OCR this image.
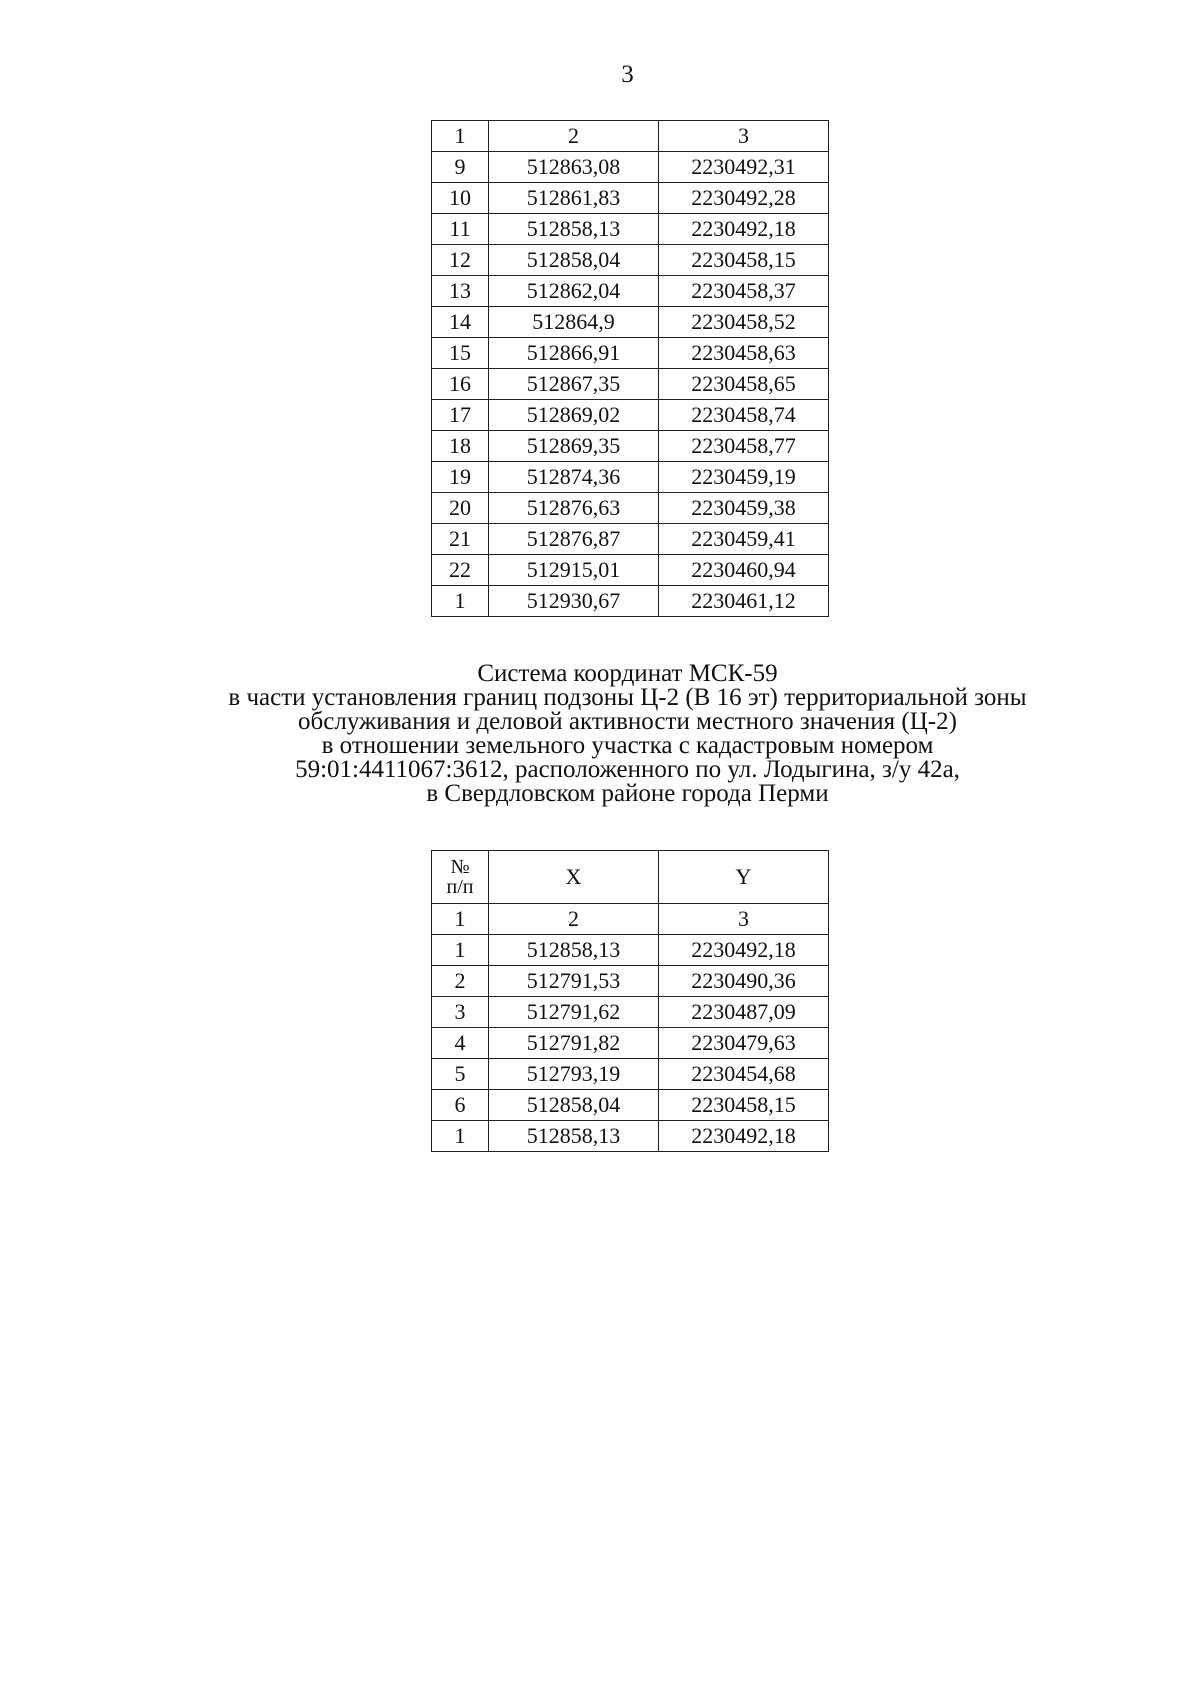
3
1	2	3
9	512863,08	2230492,31
10	512861,83	2230492,28
11	512858,13	2230492,18
12	512858,04	2230458,15
13	512862,04	2230458,37
14	512864,9	2230458,52
15	512866,91	2230458,63
16	512867,35	2230458,65
17	512869,02	2230458,74
18	512869,35	2230458,77
19	512874,36	2230459,19
20	512876,63	2230459,38
21	512876,87	2230459,41
22	512915,01	2230460,94
1	512930,67	2230461,12
Система координат МСК-59
в части установления границ подзоны Ц-2 (В 16 эт) территориальной зоны
обслуживания и деловой активности местного значения (Ц-2)
в отношении земельного участка с кадастровым номером
59:01:4411067:3612, расположенного по ул. Лодыгина, з/у 42а,
в Свердловском районе города Перми
№
п/п	X	Y
1	2	3
1	512858,13	2230492,18
2	512791,53	2230490,36
3	512791,62	2230487,09
4	512791,82	2230479,63
5	512793,19	2230454,68
6	512858,04	2230458,15
1	512858,13	2230492,18
